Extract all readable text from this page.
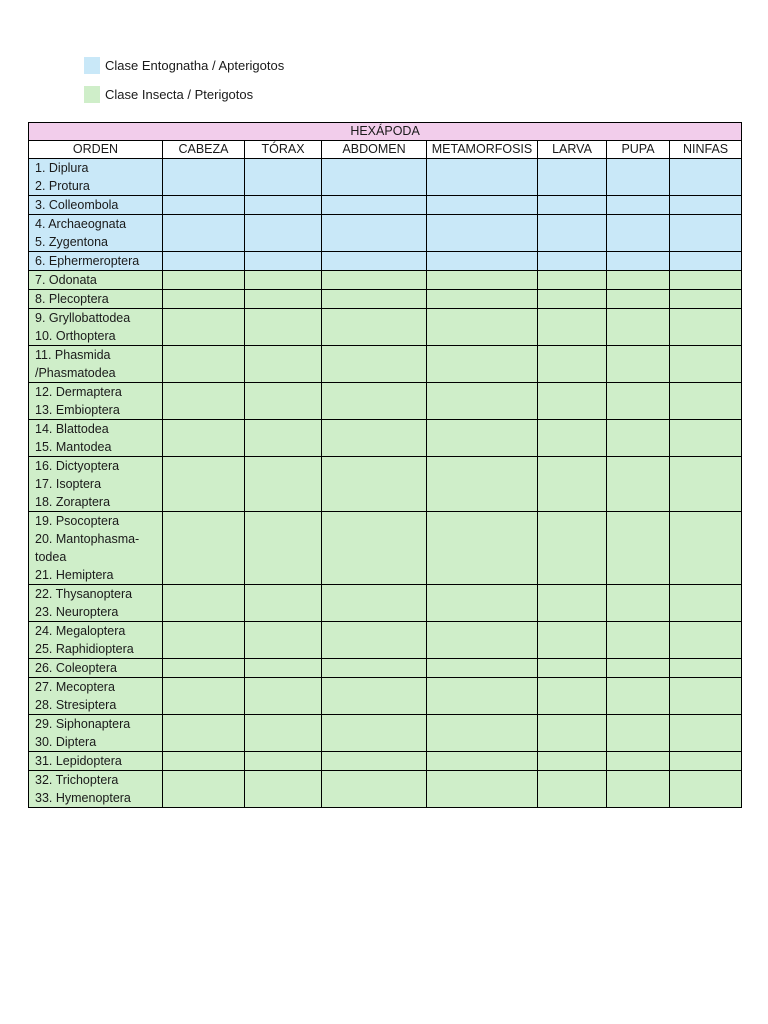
Clase Entognatha / Apterigotos
Clase Insecta / Pterigotos
HEXÁPODA							
ORDEN	CABEZA	TÓRAX	ABDOMEN	METAMORFOSIS	LARVA	PUPA	NINFAS

1. Diplura
2. Protura							

3. Colleombola							

4. Archaeognata
5. Zygentona							

6. Ephermeroptera							

7. Odonata							

8. Plecoptera							

9. Gryllobattodea
10. Orthoptera							

11. Phasmida
/Phasmatodea							

12. Dermaptera
13. Embioptera							

14. Blattodea
15. Mantodea							

16. Dictyoptera
17. Isoptera
18. Zoraptera							

19. Psocoptera
20. Mantophasma-
todea
21. Hemiptera							

22. Thysanoptera
23. Neuroptera							

24. Megaloptera
25. Raphidioptera							

26. Coleoptera							

27. Mecoptera
28. Stresiptera							

29. Siphonaptera
30. Diptera							

31. Lepidoptera							

32. Trichoptera
33. Hymenoptera							
